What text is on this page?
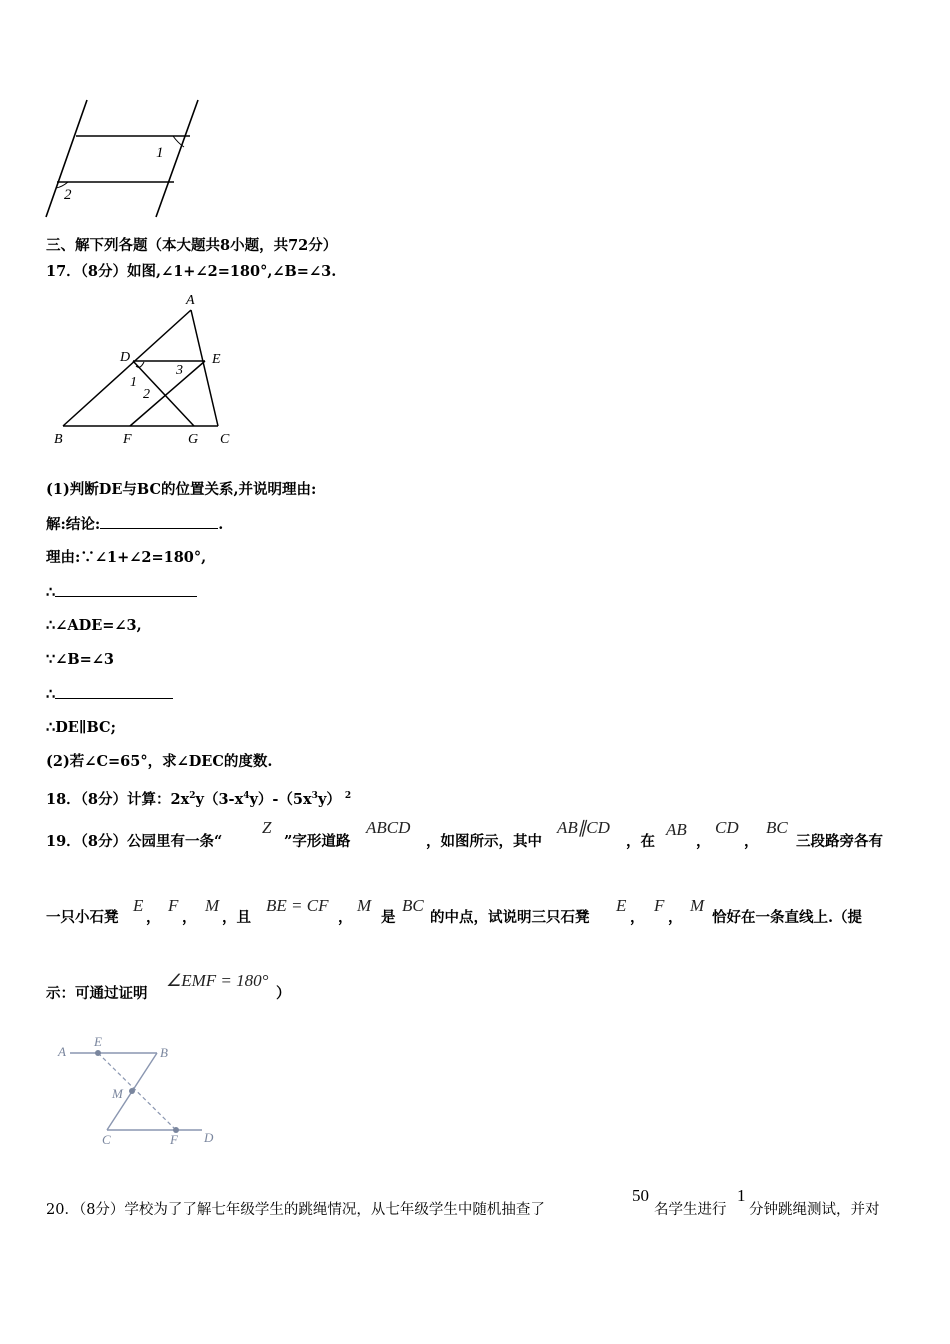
1
2
三、解下列各题（本大题共8小题，共72分）
17．（8分）如图,∠1+∠2=180°,∠B=∠3.
A
D	E
B	F	G C
1
2
3
(1)判断DE与BC的位置关系,并说明理由:
解:结论:	.
理由:∵∠1+∠2=180°,
∴
∴∠ADE=∠3,
∵∠B=∠3
∴
∴DE∥BC;
(2)若∠C=65°，求∠DEC的度数.
18．（8分）计算：$2x^2y(3-x^4y)-(5x^3y)$ $^2$
19．（8分）公园里有一条“
Z
”字形道路
ABCD
，如图所示，其中
AB∥CD
，在
AB
，
CD
，
BC
三段路旁各有
一只小石凳
E
，
F
，
M
，且
BE = CF
，
M
是
BC
的中点，试说明三只石凳
E
，
F
，
M
恰好在一条直线上.（提
示：可通过证明
∠EMF = 180°
）
A
E
B
M
C	F D
20．（8分）学校为了了解七年级学生的跳绳情况，从七年级学生中随机抽查了
50
名学生进行
1
分钟跳绳测试，并对
